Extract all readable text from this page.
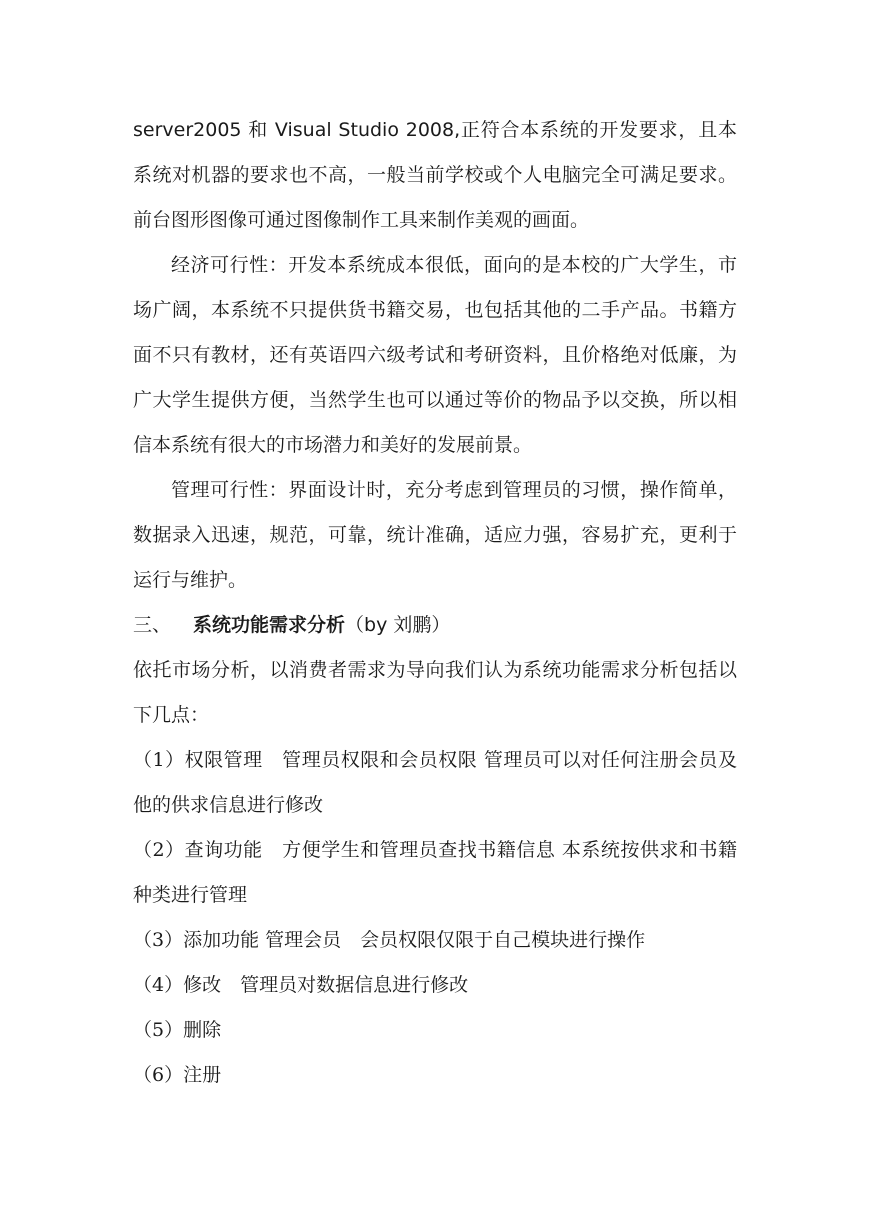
server2005 和 Visual Studio 2008,正符合本系统的开发要求，且本系统对机器的要求也不高，一般当前学校或个人电脑完全可满足要求。前台图形图像可通过图像制作工具来制作美观的画面。

经济可行性：开发本系统成本很低，面向的是本校的广大学生，市场广阔，本系统不只提供货书籍交易，也包括其他的二手产品。书籍方面不只有教材，还有英语四六级考试和考研资料，且价格绝对低廉，为广大学生提供方便，当然学生也可以通过等价的物品予以交换，所以相信本系统有很大的市场潜力和美好的发展前景。

管理可行性：界面设计时，充分考虑到管理员的习惯，操作简单，数据录入迅速，规范，可靠，统计准确，适应力强，容易扩充，更利于运行与维护。

三、 系统功能需求分析（by 刘鹏）

依托市场分析，以消费者需求为导向我们认为系统功能需求分析包括以下几点：

（1）权限管理　管理员权限和会员权限 管理员可以对任何注册会员及他的供求信息进行修改

（2）查询功能　方便学生和管理员查找书籍信息 本系统按供求和书籍种类进行管理

（3）添加功能 管理会员　会员权限仅限于自己模块进行操作

（4）修改　管理员对数据信息进行修改

（5）删除

（6）注册
